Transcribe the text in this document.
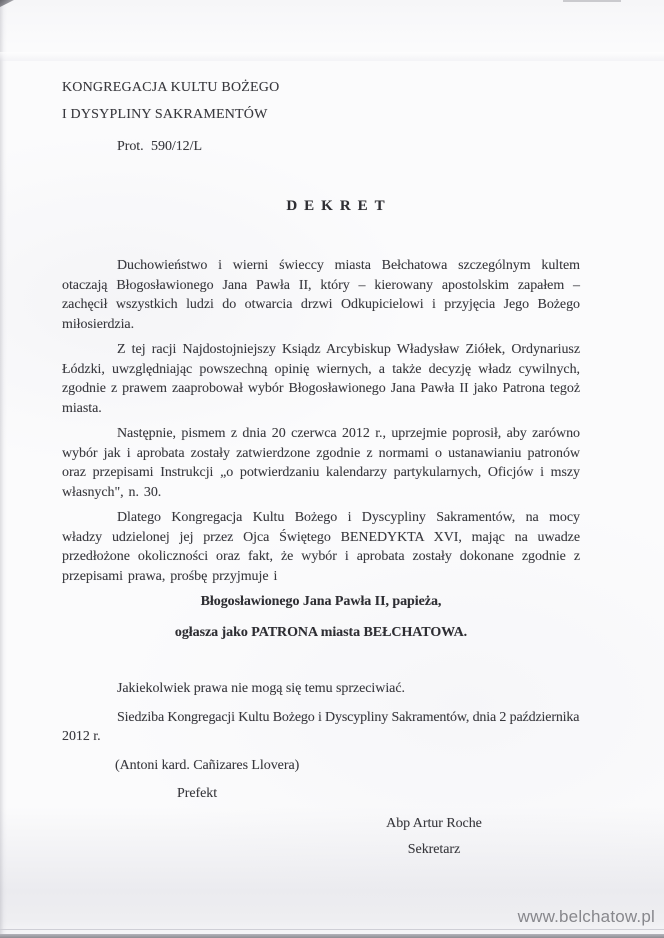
KONGREGACJA KULTU BOŻEGO
I DYSYPLINY SAKRAMENTÓW
Prot. 590/12/L
DEKRET

Duchowieństwo i wierni świeccy miasta Bełchatowa szczególnym kultem otaczają Błogosławionego Jana Pawła II, który – kierowany apostolskim zapałem – zachęcił wszystkich ludzi do otwarcia drzwi Odkupicielowi i przyjęcia Jego Bożego miłosierdzia.

Z tej racji Najdostojniejszy Ksiądz Arcybiskup Władysław Ziółek, Ordynariusz Łódzki, uwzględniając powszechną opinię wiernych, a także decyzję władz cywilnych, zgodnie z prawem zaaprobował wybór Błogosławionego Jana Pawła II jako Patrona tegoż miasta.

Następnie, pismem z dnia 20 czerwca 2012 r., uprzejmie poprosił, aby zarówno wybór jak i aprobata zostały zatwierdzone zgodnie z normami o ustanawianiu patronów oraz przepisami Instrukcji „o potwierdzaniu kalendarzy partykularnych, Oficjów i mszy własnych", n. 30.

Dlatego Kongregacja Kultu Bożego i Dyscypliny Sakramentów, na mocy władzy udzielonej jej przez Ojca Świętego BENEDYKTA XVI, mając na uwadze przedłożone okoliczności oraz fakt, że wybór i aprobata zostały dokonane zgodnie z przepisami prawa, prośbę przyjmuje i

Błogosławionego Jana Pawła II, papieża,
ogłasza jako PATRONA miasta BEŁCHATOWA.
Jakiekolwiek prawa nie mogą się temu sprzeciwiać.
Siedziba Kongregacji Kultu Bożego i Dyscypliny Sakramentów, dnia 2 października
2012 r.
(Antoni kard. Cañizares Llovera)
Prefekt
Abp Artur Roche
Sekretarz
www.belchatow.pl
